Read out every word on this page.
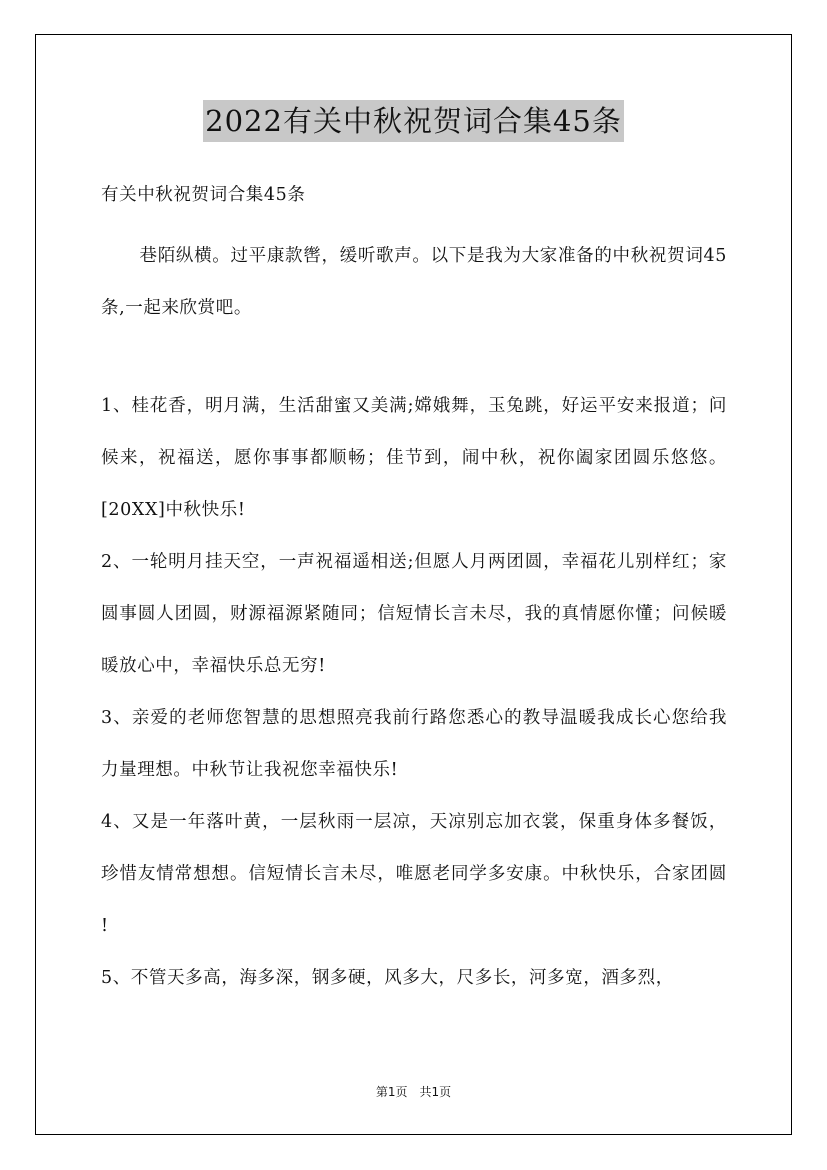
2022有关中秋祝贺词合集45条
有关中秋祝贺词合集45条
巷陌纵横。过平康款辔，缓听歌声。以下是我为大家准备的中秋祝贺词45条,一起来欣赏吧。

1、桂花香，明月满，生活甜蜜又美满;嫦娥舞，玉兔跳，好运平安来报道；问候来，祝福送，愿你事事都顺畅；佳节到，闹中秋，祝你阖家团圆乐悠悠。[20XX]中秋快乐!

2、一轮明月挂天空，一声祝福遥相送;但愿人月两团圆，幸福花儿别样红；家圆事圆人团圆，财源福源紧随同；信短情长言未尽，我的真情愿你懂；问候暖暖放心中，幸福快乐总无穷!

3、亲爱的老师您智慧的思想照亮我前行路您悉心的教导温暖我成长心您给我力量理想。中秋节让我祝您幸福快乐!

4、又是一年落叶黄，一层秋雨一层凉，天凉别忘加衣裳，保重身体多餐饭，珍惜友情常想想。信短情长言未尽，唯愿老同学多安康。中秋快乐，合家团圆 !

5、不管天多高，海多深，钢多硬，风多大，尺多长，河多宽，酒多烈，

第1页 共1页
